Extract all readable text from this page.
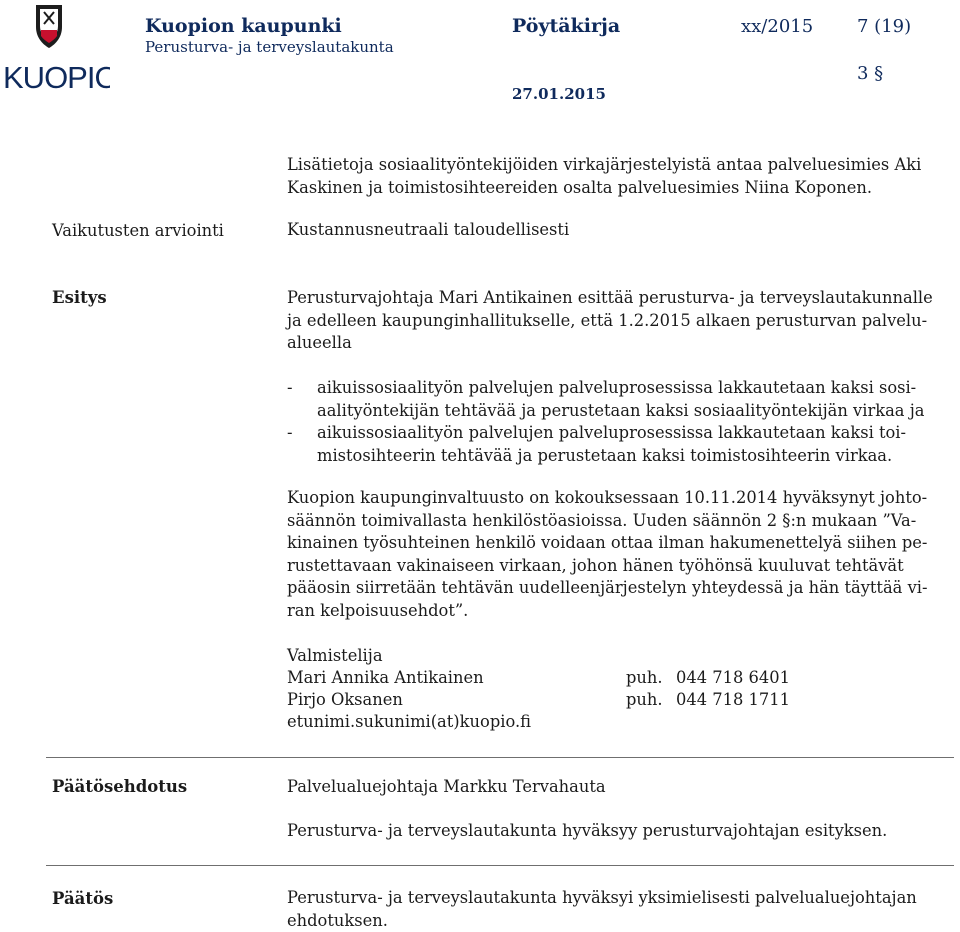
KUOPIO
Kuopion kaupunki	Pöytäkirja	xx/2015 7 (19)
Perusturva- ja terveyslautakunta
3 §
27.01.2015
Lisätietoja sosiaalityöntekijöiden virkajärjestelyistä antaa palveluesimies Aki
Kaskinen ja toimistosihteereiden osalta palveluesimies Niina Koponen.
Vaikutusten arviointi	Kustannusneutraali taloudellisesti
Esitys	Perusturvajohtaja Mari Antikainen esittää perusturva- ja terveyslautakunnalle
ja edelleen kaupunginhallitukselle, että 1.2.2015 alkaen perusturvan palvelu-
alueella
- aikuissosiaalityön palvelujen palveluprosessissa lakkautetaan kaksi sosi-
aalityöntekijän tehtävää ja perustetaan kaksi sosiaalityöntekijän virkaa ja
- aikuissosiaalityön palvelujen palveluprosessissa lakkautetaan kaksi toi-
mistosihteerin tehtävää ja perustetaan kaksi toimistosihteerin virkaa.
Kuopion kaupunginvaltuusto on kokouksessaan 10.11.2014 hyväksynyt johto-
säännön toimivallasta henkilöstöasioissa. Uuden säännön 2 §:n mukaan ”Va-
kinainen työsuhteinen henkilö voidaan ottaa ilman hakumenettelyä siihen pe-
rustettavaan vakinaiseen virkaan, johon hänen työhönsä kuuluvat tehtävät
pääosin siirretään tehtävän uudelleenjärjestelyn yhteydessä ja hän täyttää vi-
ran kelpoisuusehdot”.
Valmistelija
Mari Annika Antikainen	puh. 044 718 6401
Pirjo Oksanen	puh. 044 718 1711
etunimi.sukunimi(at)kuopio.fi
Päätösehdotus	Palvelualuejohtaja Markku Tervahauta
Perusturva- ja terveyslautakunta hyväksyy perusturvajohtajan esityksen.
Päätös	Perusturva- ja terveyslautakunta hyväksyi yksimielisesti palvelualuejohtajan
ehdotuksen.
